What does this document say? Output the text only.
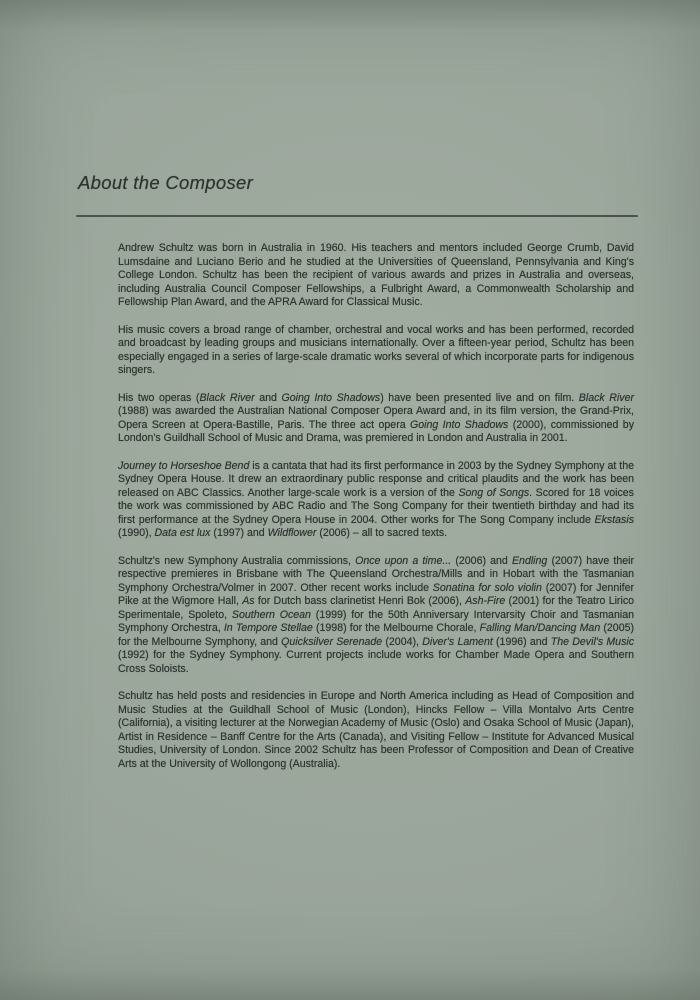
About the Composer

Andrew Schultz was born in Australia in 1960. His teachers and mentors included George Crumb, David Lumsdaine and Luciano Berio and he studied at the Universities of Queensland, Pennsylvania and King's College London. Schultz has been the recipient of various awards and prizes in Australia and overseas, including Australia Council Composer Fellowships, a Fulbright Award, a Commonwealth Scholarship and Fellowship Plan Award, and the APRA Award for Classical Music.

His music covers a broad range of chamber, orchestral and vocal works and has been performed, recorded and broadcast by leading groups and musicians internationally. Over a fifteen-year period, Schultz has been especially engaged in a series of large-scale dramatic works several of which incorporate parts for indigenous singers.

His two operas (Black River and Going Into Shadows) have been presented live and on film. Black River (1988) was awarded the Australian National Composer Opera Award and, in its film version, the Grand-Prix, Opera Screen at Opera-Bastille, Paris. The three act opera Going Into Shadows (2000), commissioned by London's Guildhall School of Music and Drama, was premiered in London and Australia in 2001.

Journey to Horseshoe Bend is a cantata that had its first performance in 2003 by the Sydney Symphony at the Sydney Opera House. It drew an extraordinary public response and critical plaudits and the work has been released on ABC Classics. Another large-scale work is a version of the Song of Songs. Scored for 18 voices the work was commissioned by ABC Radio and The Song Company for their twentieth birthday and had its first performance at the Sydney Opera House in 2004. Other works for The Song Company include Ekstasis (1990), Data est lux (1997) and Wildflower (2006) – all to sacred texts.

Schultz's new Symphony Australia commissions, Once upon a time... (2006) and Endling (2007) have their respective premieres in Brisbane with The Queensland Orchestra/Mills and in Hobart with the Tasmanian Symphony Orchestra/Volmer in 2007. Other recent works include Sonatina for solo violin (2007) for Jennifer Pike at the Wigmore Hall, As for Dutch bass clarinetist Henri Bok (2006), Ash-Fire (2001) for the Teatro Lirico Sperimentale, Spoleto, Southern Ocean (1999) for the 50th Anniversary Intervarsity Choir and Tasmanian Symphony Orchestra, In Tempore Stellae (1998) for the Melbourne Chorale, Falling Man/Dancing Man (2005) for the Melbourne Symphony, and Quicksilver Serenade (2004), Diver's Lament (1996) and The Devil's Music (1992) for the Sydney Symphony. Current projects include works for Chamber Made Opera and Southern Cross Soloists.

Schultz has held posts and residencies in Europe and North America including as Head of Composition and Music Studies at the Guildhall School of Music (London), Hincks Fellow – Villa Montalvo Arts Centre (California), a visiting lecturer at the Norwegian Academy of Music (Oslo) and Osaka School of Music (Japan), Artist in Residence – Banff Centre for the Arts (Canada), and Visiting Fellow – Institute for Advanced Musical Studies, University of London. Since 2002 Schultz has been Professor of Composition and Dean of Creative Arts at the University of Wollongong (Australia).
